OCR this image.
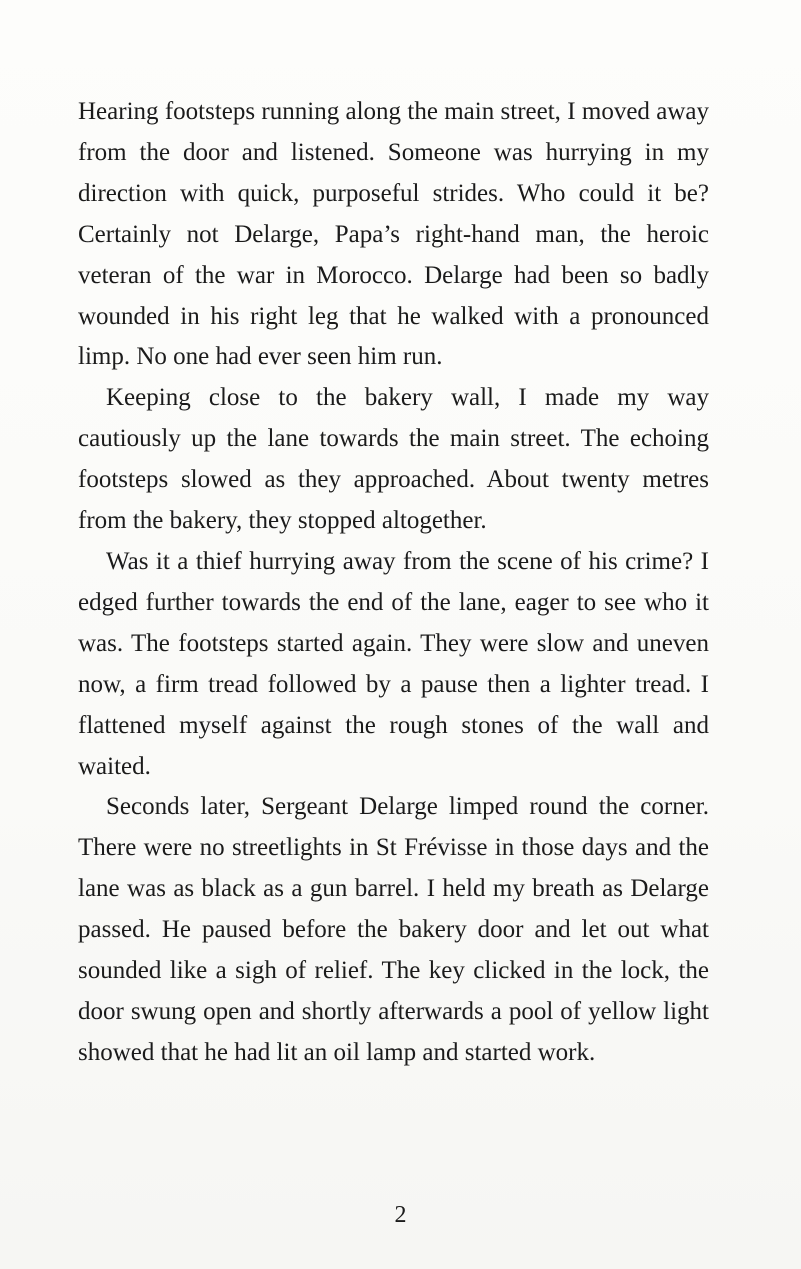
Hearing footsteps running along the main street, I moved away from the door and listened. Someone was hurrying in my direction with quick, purposeful strides. Who could it be? Certainly not Delarge, Papa’s right-hand man, the heroic veteran of the war in Morocco. Delarge had been so badly wounded in his right leg that he walked with a pronounced limp. No one had ever seen him run.

Keeping close to the bakery wall, I made my way cautiously up the lane towards the main street. The echoing footsteps slowed as they approached. About twenty metres from the bakery, they stopped altogether.

Was it a thief hurrying away from the scene of his crime? I edged further towards the end of the lane, eager to see who it was. The footsteps started again. They were slow and uneven now, a firm tread followed by a pause then a lighter tread. I flattened myself against the rough stones of the wall and waited.

Seconds later, Sergeant Delarge limped round the corner. There were no streetlights in St Frévisse in those days and the lane was as black as a gun barrel. I held my breath as Delarge passed. He paused before the bakery door and let out what sounded like a sigh of relief. The key clicked in the lock, the door swung open and shortly afterwards a pool of yellow light showed that he had lit an oil lamp and started work.

2
